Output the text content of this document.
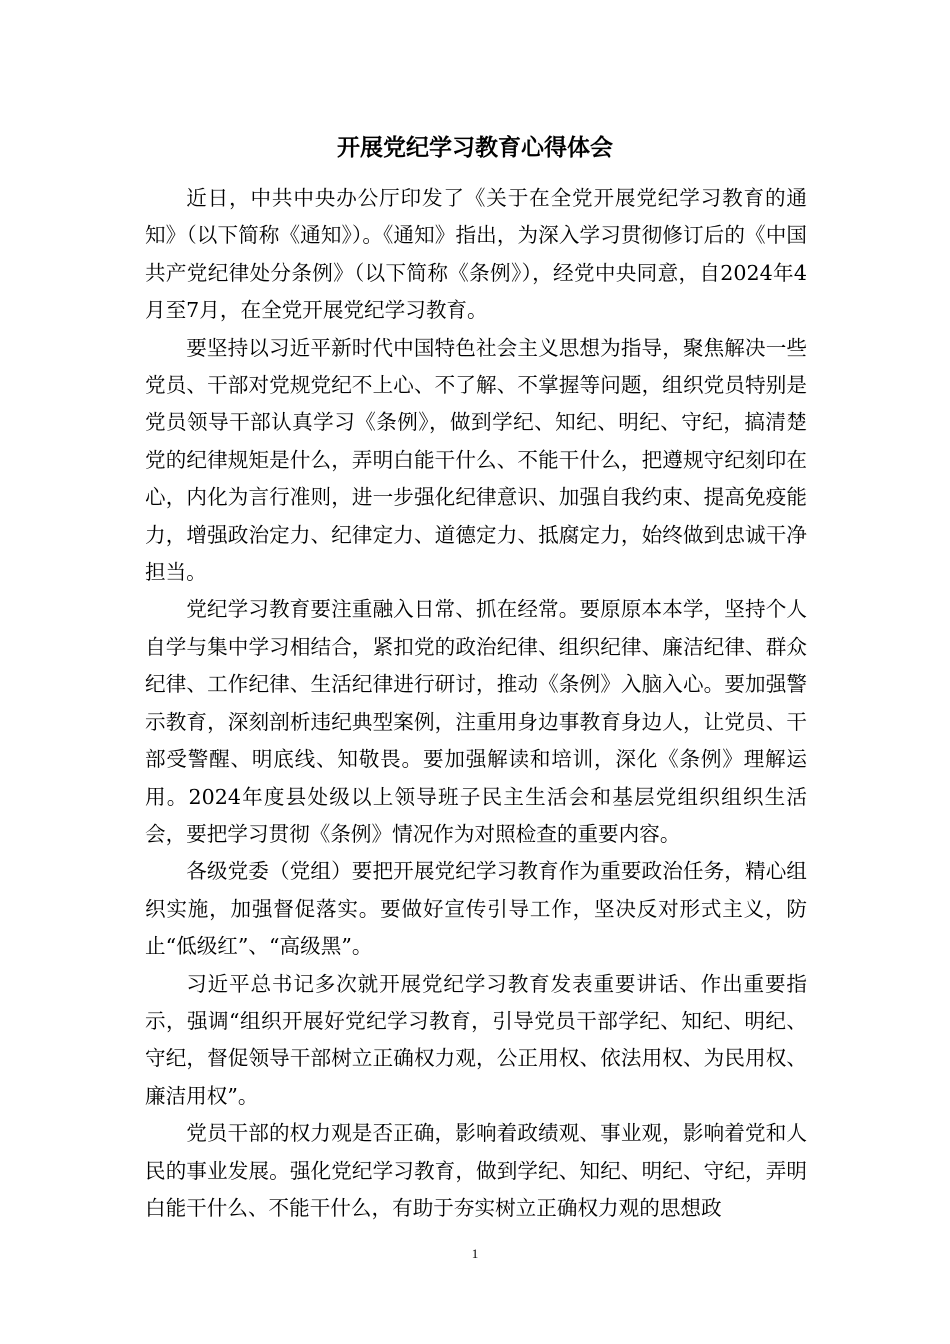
开展党纪学习教育心得体会

近日，中共中央办公厅印发了《关于在全党开展党纪学习教育的通知》（以下简称《通知》）。《通知》指出，为深入学习贯彻修订后的《中国共产党纪律处分条例》（以下简称《条例》），经党中央同意，自2024年4月至7月，在全党开展党纪学习教育。

要坚持以习近平新时代中国特色社会主义思想为指导，聚焦解决一些党员、干部对党规党纪不上心、不了解、不掌握等问题，组织党员特别是党员领导干部认真学习《条例》，做到学纪、知纪、明纪、守纪，搞清楚党的纪律规矩是什么，弄明白能干什么、不能干什么，把遵规守纪刻印在心，内化为言行准则，进一步强化纪律意识、加强自我约束、提高免疫能力，增强政治定力、纪律定力、道德定力、抵腐定力，始终做到忠诚干净担当。

党纪学习教育要注重融入日常、抓在经常。要原原本本学，坚持个人自学与集中学习相结合，紧扣党的政治纪律、组织纪律、廉洁纪律、群众纪律、工作纪律、生活纪律进行研讨，推动《条例》入脑入心。要加强警示教育，深刻剖析违纪典型案例，注重用身边事教育身边人，让党员、干部受警醒、明底线、知敬畏。要加强解读和培训，深化《条例》理解运用。2024年度县处级以上领导班子民主生活会和基层党组织组织生活会，要把学习贯彻《条例》情况作为对照检查的重要内容。

各级党委（党组）要把开展党纪学习教育作为重要政治任务，精心组织实施，加强督促落实。要做好宣传引导工作，坚决反对形式主义，防止“低级红”、“高级黑”。

习近平总书记多次就开展党纪学习教育发表重要讲话、作出重要指示，强调“组织开展好党纪学习教育，引导党员干部学纪、知纪、明纪、守纪，督促领导干部树立正确权力观，公正用权、依法用权、为民用权、廉洁用权”。

党员干部的权力观是否正确，影响着政绩观、事业观，影响着党和人民的事业发展。强化党纪学习教育，做到学纪、知纪、明纪、守纪，弄明白能干什么、不能干什么，有助于夯实树立正确权力观的思想政

1
